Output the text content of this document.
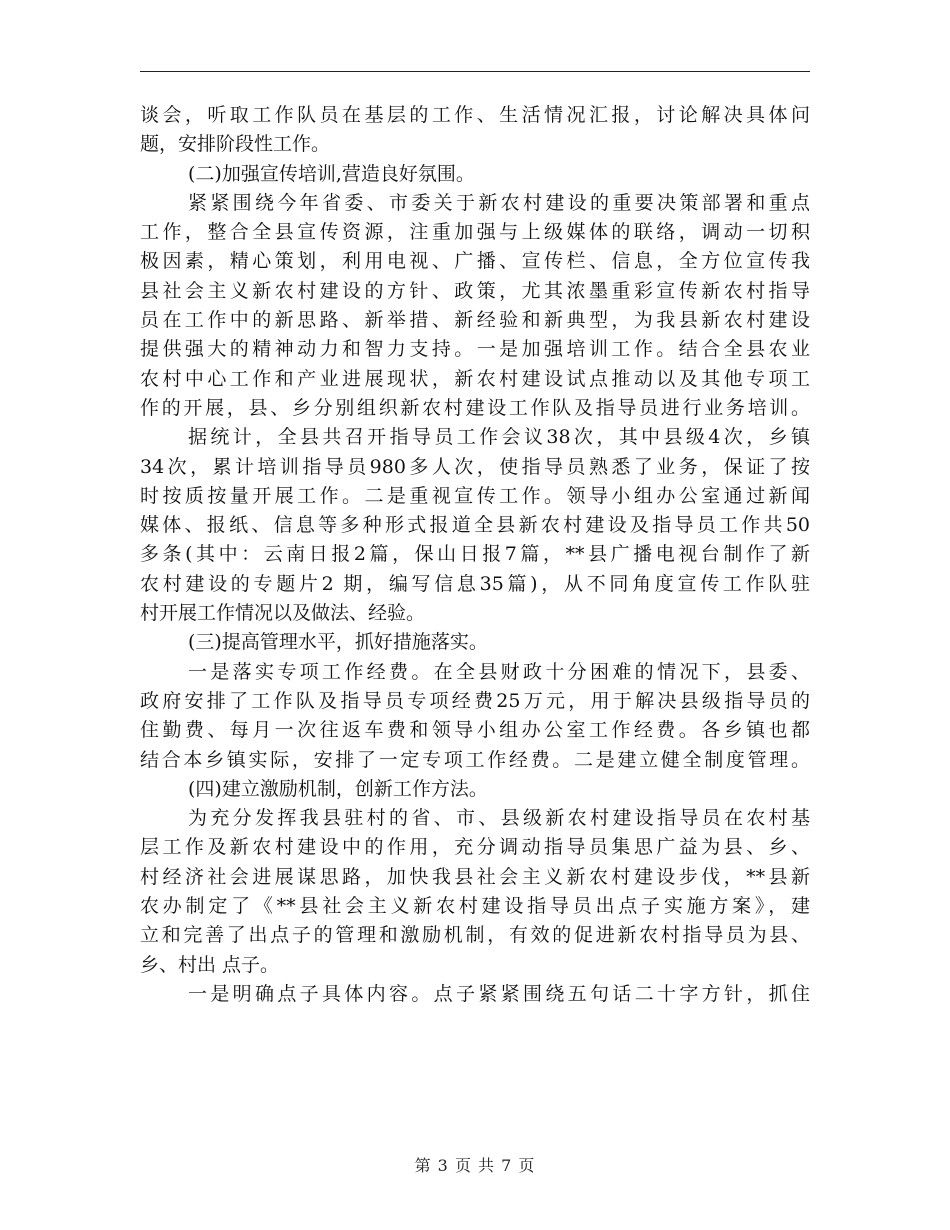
谈会，听取工作队员在基层的工作、生活情况汇报，讨论解决具体问
题，安排阶段性工作。
(二)加强宣传培训,营造良好氛围。
紧紧围绕今年省委、市委关于新农村建设的重要决策部署和重点
工作，整合全县宣传资源，注重加强与上级媒体的联络，调动一切积
极因素，精心策划，利用电视、广播、宣传栏、信息，全方位宣传我
县社会主义新农村建设的方针、政策，尤其浓墨重彩宣传新农村指导
员在工作中的新思路、新举措、新经验和新典型，为我县新农村建设
提供强大的精神动力和智力支持。一是加强培训工作。结合全县农业
农村中心工作和产业进展现状，新农村建设试点推动以及其他专项工
作的开展，县、乡分别组织新农村建设工作队及指导员进行业务培训。
据统计，全县共召开指导员工作会议38次，其中县级4次，乡镇
34次，累计培训指导员980多人次，使指导员熟悉了业务，保证了按
时按质按量开展工作。二是重视宣传工作。领导小组办公室通过新闻
媒体、报纸、信息等多种形式报道全县新农村建设及指导员工作共50
多条(其中：云南日报2篇，保山日报7篇，**县广播电视台制作了新
农村建设的专题片2 期，编写信息35篇)，从不同角度宣传工作队驻
村开展工作情况以及做法、经验。
(三)提高管理水平，抓好措施落实。
一是落实专项工作经费。在全县财政十分困难的情况下，县委、
政府安排了工作队及指导员专项经费25万元，用于解决县级指导员的
住勤费、每月一次往返车费和领导小组办公室工作经费。各乡镇也都
结合本乡镇实际，安排了一定专项工作经费。二是建立健全制度管理。
(四)建立激励机制，创新工作方法。
为充分发挥我县驻村的省、市、县级新农村建设指导员在农村基
层工作及新农村建设中的作用，充分调动指导员集思广益为县、乡、
村经济社会进展谋思路，加快我县社会主义新农村建设步伐，**县新
农办制定了《**县社会主义新农村建设指导员出点子实施方案》，建
立和完善了出点子的管理和激励机制，有效的促进新农村指导员为县、
乡、村出 点子。
一是明确点子具体内容。点子紧紧围绕五句话二十字方针，抓住
第 3 页 共 7 页
